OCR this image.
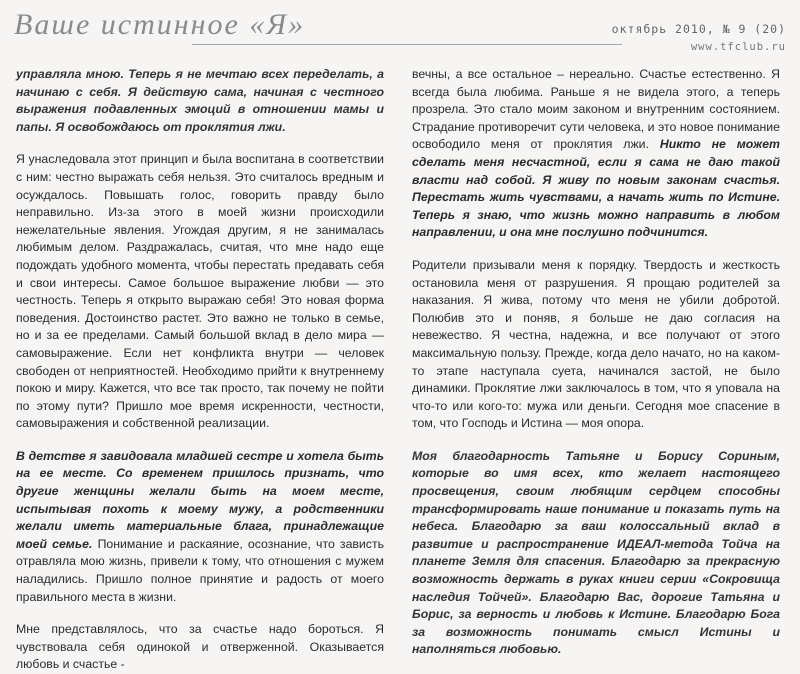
Ваше истинное «Я»	октябрь 2010, № 9 (20)
www.tfclub.ru

управляла мною. Теперь я не мечтаю всех переделать, а начинаю с себя. Я действую сама, начиная с честного выражения подавленных эмоций в отношении мамы и папы. Я освобождаюсь от проклятия лжи.

Я унаследовала этот принцип и была воспитана в соответствии с ним: честно выражать себя нельзя. Это считалось вредным и осуждалось. Повышать голос, говорить правду было неправильно. Из-за этого в моей жизни происходили нежелательные явления. Угождая другим, я не занималась любимым делом. Раздражалась, считая, что мне надо еще подождать удобного момента, чтобы перестать предавать себя и свои интересы. Самое большое выражение любви — это честность. Теперь я открыто выражаю себя! Это новая форма поведения. Достоинство растет. Это важно не только в семье, но и за ее пределами. Самый большой вклад в дело мира — самовыражение. Если нет конфликта внутри — человек свободен от неприятностей. Необходимо прийти к внутреннему покою и миру. Кажется, что все так просто, так почему не пойти по этому пути? Пришло мое время искренности, честности, самовыражения и собственной реализации.

В детстве я завидовала младшей сестре и хотела быть на ее месте. Со временем пришлось признать, что другие женщины желали быть на моем месте, испытывая похоть к моему мужу, а родственники желали иметь материальные блага, принадлежащие моей семье. Понимание и раскаяние, осознание, что зависть отравляла мою жизнь, привели к тому, что отношения с мужем наладились. Пришло полное принятие и радость от моего правильного места в жизни.

Мне представлялось, что за счастье надо бороться. Я чувствовала себя одинокой и отверженной. Оказывается любовь и счастье -

вечны, а все остальное – нереально. Счастье естественно. Я всегда была любима. Раньше я не видела этого, а теперь прозрела. Это стало моим законом и внутренним состоянием. Страдание противоречит сути человека, и это новое понимание освободило меня от проклятия лжи. Никто не может сделать меня несчастной, если я сама не даю такой власти над собой. Я живу по новым законам счастья. Перестать жить чувствами, а начать жить по Истине. Теперь я знаю, что жизнь можно направить в любом направлении, и она мне послушно подчинится.

Родители призывали меня к порядку. Твердость и жесткость остановила меня от разрушения. Я прощаю родителей за наказания. Я жива, потому что меня не убили добротой. Полюбив это и поняв, я больше не даю согласия на невежество. Я честна, надежна, и все получают от этого максимальную пользу. Прежде, когда дело начато, но на каком-то этапе наступала суета, начинался застой, не было динамики. Проклятие лжи заключалось в том, что я уповала на что-то или кого-то: мужа или деньги. Сегодня мое спасение в том, что Господь и Истина — моя опора.

Моя благодарность Татьяне и Борису Сориным, которые во имя всех, кто желает настоящего просвещения, своим любящим сердцем способны трансформировать наше понимание и показать путь на небеса. Благодарю за ваш колоссальный вклад в развитие и распространение ИДЕАЛ-метода Тойча на планете Земля для спасения. Благодарю за прекрасную возможность держать в руках книги серии «Сокровища наследия Тойчей». Благодарю Вас, дорогие Татьяна и Борис, за верность и любовь к Истине. Благодарю Бога за возможность понимать смысл Истины и наполняться любовью.
